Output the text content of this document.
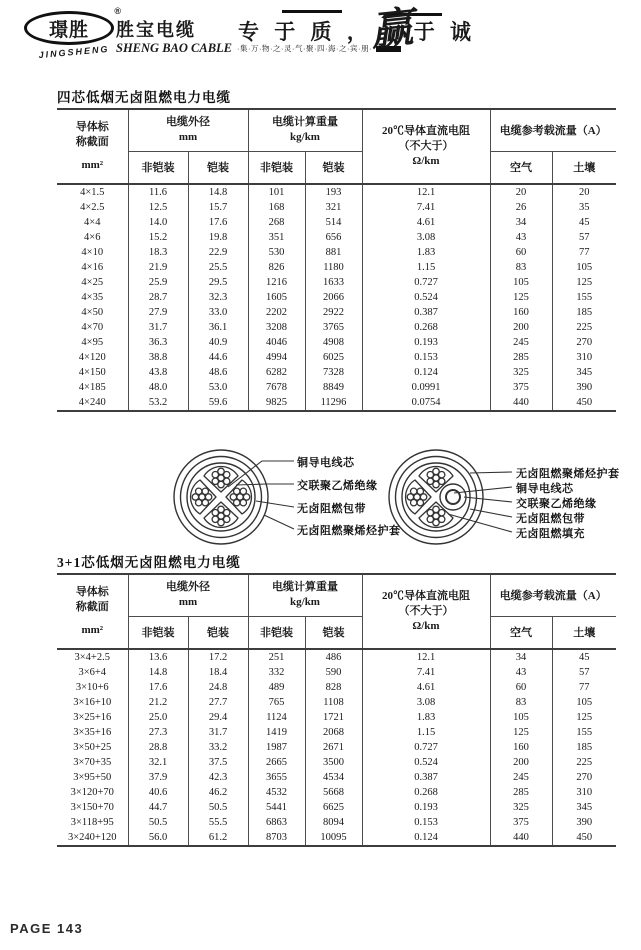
璟胜
®
JINGSHENG
胜宝电缆
SHENG BAO CABLE ·集·万·物·之·灵·气·聚·四·海·之·宾·朋·
专 于 质 ，
赢
于 诚
四芯低烟无卤阻燃电力电缆
导体标
称截面
mm²	电缆外径
mm		电缆计算重量
kg/km		20℃导体直流电阻
（不大于）
Ω/km	电缆参考载流量（A）	
	非铠装	铠装	非铠装	铠装		空气	土壤
4×1.5	11.6	14.8	101	193	12.1	20	20
4×2.5	12.5	15.7	168	321	7.41	26	35
4×4	14.0	17.6	268	514	4.61	34	45
4×6	15.2	19.8	351	656	3.08	43	57
4×10	18.3	22.9	530	881	1.83	60	77
4×16	21.9	25.5	826	1180	1.15	83	105
4×25	25.9	29.5	1216	1633	0.727	105	125
4×35	28.7	32.3	1605	2066	0.524	125	155
4×50	27.9	33.0	2202	2922	0.387	160	185
4×70	31.7	36.1	3208	3765	0.268	200	225
4×95	36.3	40.9	4046	4908	0.193	245	270
4×120	38.8	44.6	4994	6025	0.153	285	310
4×150	43.8	48.6	6282	7328	0.124	325	345
4×185	48.0	53.0	7678	8849	0.0991	375	390
4×240	53.2	59.6	9825	11296	0.0754	440	450
铜导电线芯
交联聚乙烯绝缘
无卤阻燃包带
无卤阻燃聚烯烃护套
无卤阻燃聚烯烃护套
铜导电线芯
交联聚乙烯绝缘
无卤阻燃包带
无卤阻燃填充
3+1芯低烟无卤阻燃电力电缆
导体标
称截面
mm²	电缆外径
mm		电缆计算重量
kg/km		20℃导体直流电阻
（不大于）
Ω/km	电缆参考载流量（A）	
	非铠装	铠装	非铠装	铠装		空气	土壤
3×4+2.5	13.6	17.2	251	486	12.1	34	45
3×6+4	14.8	18.4	332	590	7.41	43	57
3×10+6	17.6	24.8	489	828	4.61	60	77
3×16+10	21.2	27.7	765	1108	3.08	83	105
3×25+16	25.0	29.4	1124	1721	1.83	105	125
3×35+16	27.3	31.7	1419	2068	1.15	125	155
3×50+25	28.8	33.2	1987	2671	0.727	160	185
3×70+35	32.1	37.5	2665	3500	0.524	200	225
3×95+50	37.9	42.3	3655	4534	0.387	245	270
3×120+70	40.6	46.2	4532	5668	0.268	285	310
3×150+70	44.7	50.5	5441	6625	0.193	325	345
3×118+95	50.5	55.5	6863	8094	0.153	375	390
3×240+120	56.0	61.2	8703	10095	0.124	440	450
PAGE 143
